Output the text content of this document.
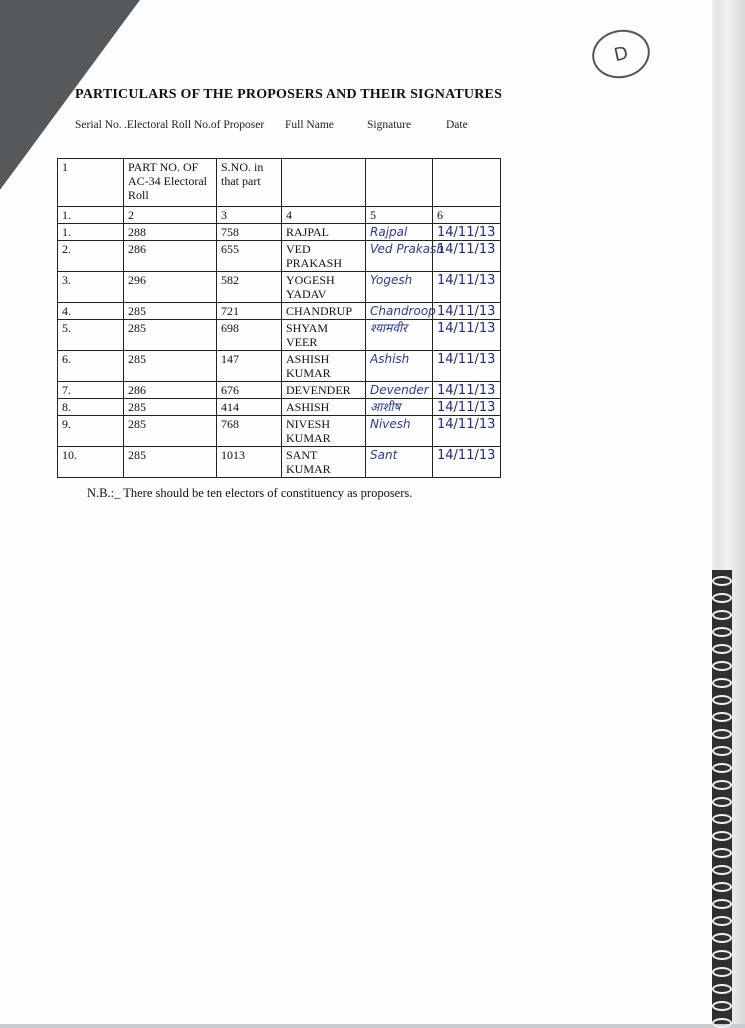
D
PARTICULARS OF THE PROPOSERS AND THEIR SIGNATURES
Serial No. .Electoral Roll No.of Proposer Full Name	Signature	Date
1	PART NO. OF AC-34 Electoral Roll	S.NO. in that part			
1.	2	3	4	5	6
1.	288	758	RAJPAL	Rajpal	14/11/13

2.	286	655	VED PRAKASH	Ved Prakash	14/11/13

3.	296	582	YOGESH YADAV	Yogesh	14/11/13

4.	285	721	CHANDRUP	Chandroop	14/11/13

5.	285	698	SHYAM VEER	श्यामवीर	14/11/13

6.	285	147	ASHISH KUMAR	Ashish	14/11/13

7.	286	676	DEVENDER	Devender	14/11/13

8.	285	414	ASHISH	आशीष	14/11/13

9.	285	768	NIVESH KUMAR	Nivesh	14/11/13

10.	285	1013	SANT KUMAR	Sant	14/11/13

N.B.:_ There should be ten electors of constituency as proposers.
